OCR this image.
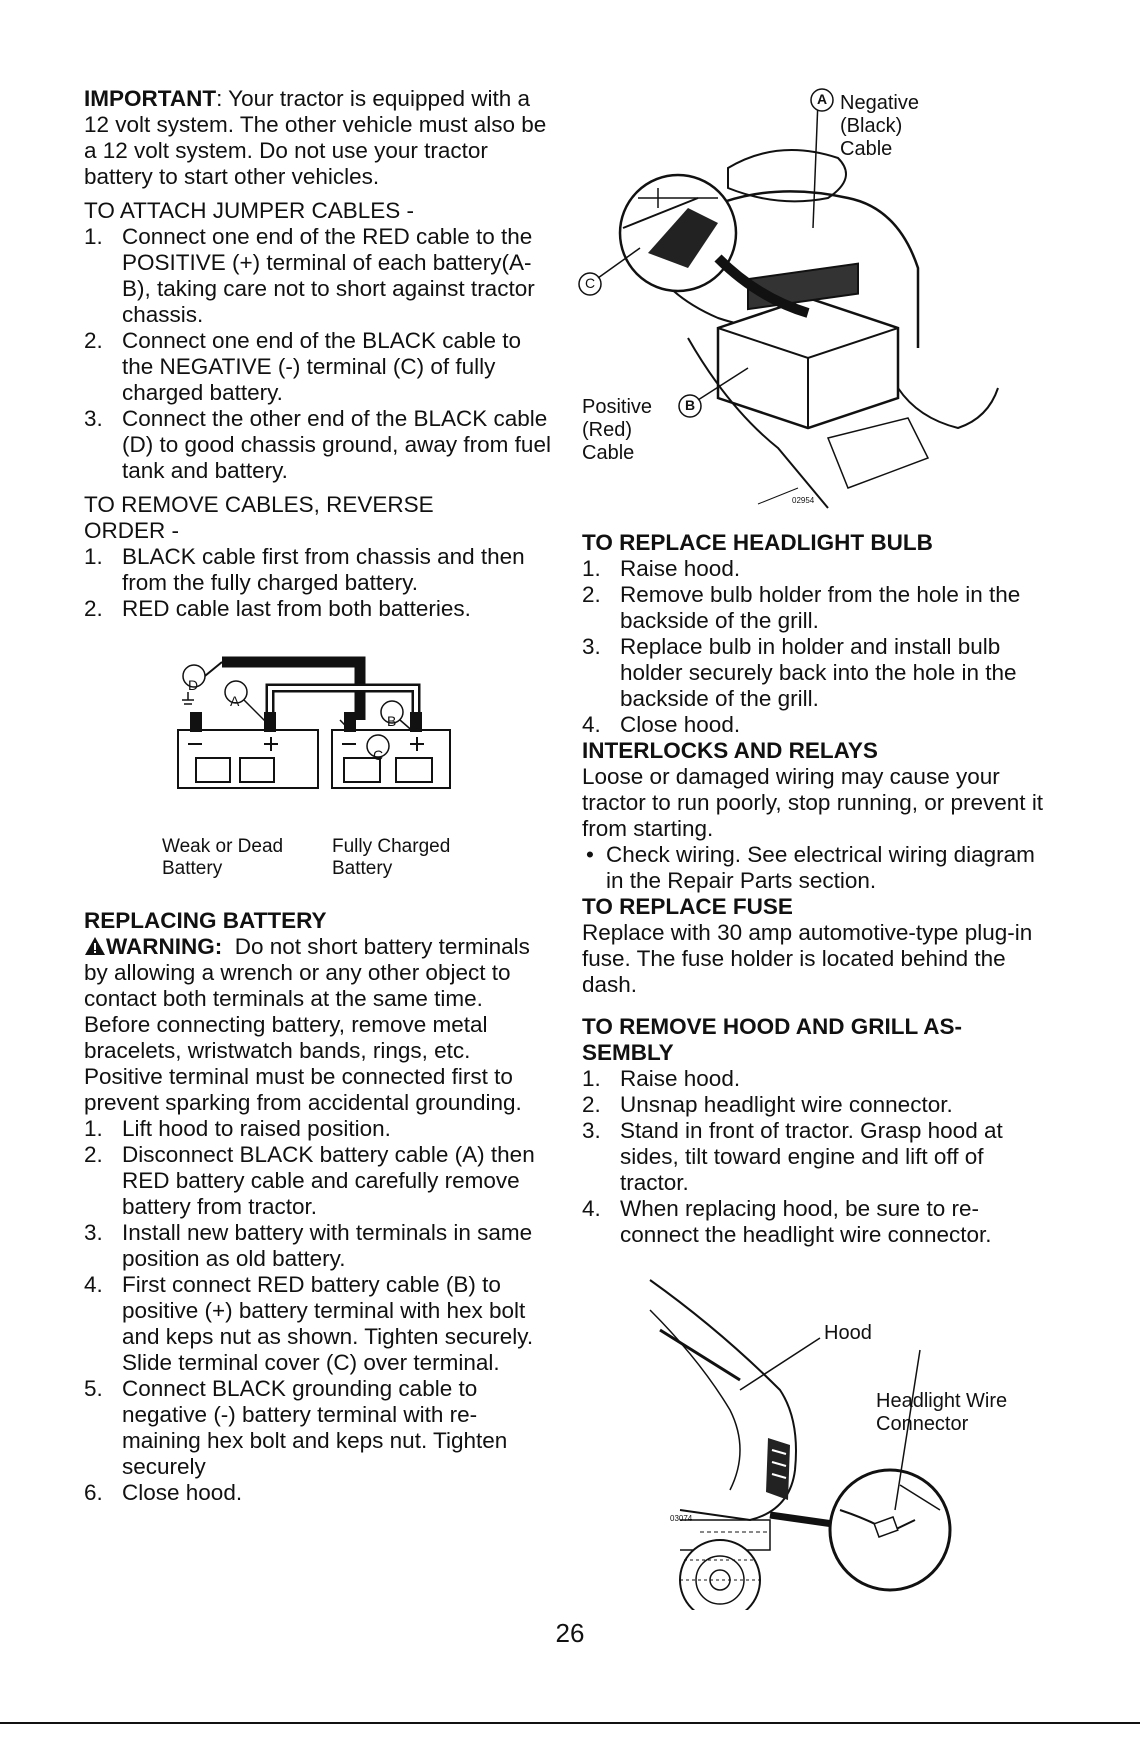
IMPORTANT: Your tractor is equipped with a 12 volt system. The other vehicle must also be a 12 volt system. Do not use your tractor battery to start other vehicles.

TO ATTACH JUMPER CABLES -

1. Connect one end of the RED cable to the POSITIVE (+) terminal of each battery(A-B), taking care not to short against tractor chassis.
2. Connect one end of the BLACK cable to the NEGATIVE (-) terminal (C) of fully charged battery.
3. Connect the other end of the BLACK cable (D) to good chassis ground, away from fuel tank and battery.

TO REMOVE CABLES, REVERSE ORDER -

1. BLACK cable first from chassis and then from the fully charged battery.
2. RED cable last from both batteries.
D
A
B
C
Weak or Dead
Battery
Fully Charged
Battery
REPLACING BATTERY

WARNING: Do not short battery terminals by allowing a wrench or any other object to contact both terminals at the same time. Before connecting battery, remove metal bracelets, wristwatch bands, rings, etc.

Positive terminal must be connected first to prevent sparking from accidental grounding.

1. Lift hood to raised position.
2. Disconnect BLACK battery cable (A) then RED battery cable and carefully remove battery from tractor.
3. Install new battery with terminals in same position as old battery.
4. First connect RED battery cable (B) to positive (+) battery terminal with hex bolt and keps nut as shown. Tighten securely. Slide terminal cover (C) over terminal.
5. Connect BLACK grounding cable to negative (-) battery terminal with re-maining hex bolt and keps nut. Tighten securely
6. Close hood.
A Negative
(Black)
Cable
C
B
Positive
(Red)
Cable
02954
TO REPLACE HEADLIGHT BULB
1. Raise hood.
2. Remove bulb holder from the hole in the backside of the grill.
3. Replace bulb in holder and install bulb holder securely back into the hole in the backside of the grill.
4. Close hood.
INTERLOCKS AND RELAYS

Loose or damaged wiring may cause your tractor to run poorly, stop running, or prevent it from starting.

• Check wiring. See electrical wiring diagram in the Repair Parts section.
TO REPLACE FUSE

Replace with 30 amp automotive-type plug-in fuse. The fuse holder is located behind the dash.

TO REMOVE HOOD AND GRILL AS-SEMBLY
1. Raise hood.
2. Unsnap headlight wire connector.
3. Stand in front of tractor. Grasp hood at sides, tilt toward engine and lift off of tractor.
4. When replacing hood, be sure to re-connect the headlight wire connector.
Hood
Headlight Wire
Connector
03074
26
